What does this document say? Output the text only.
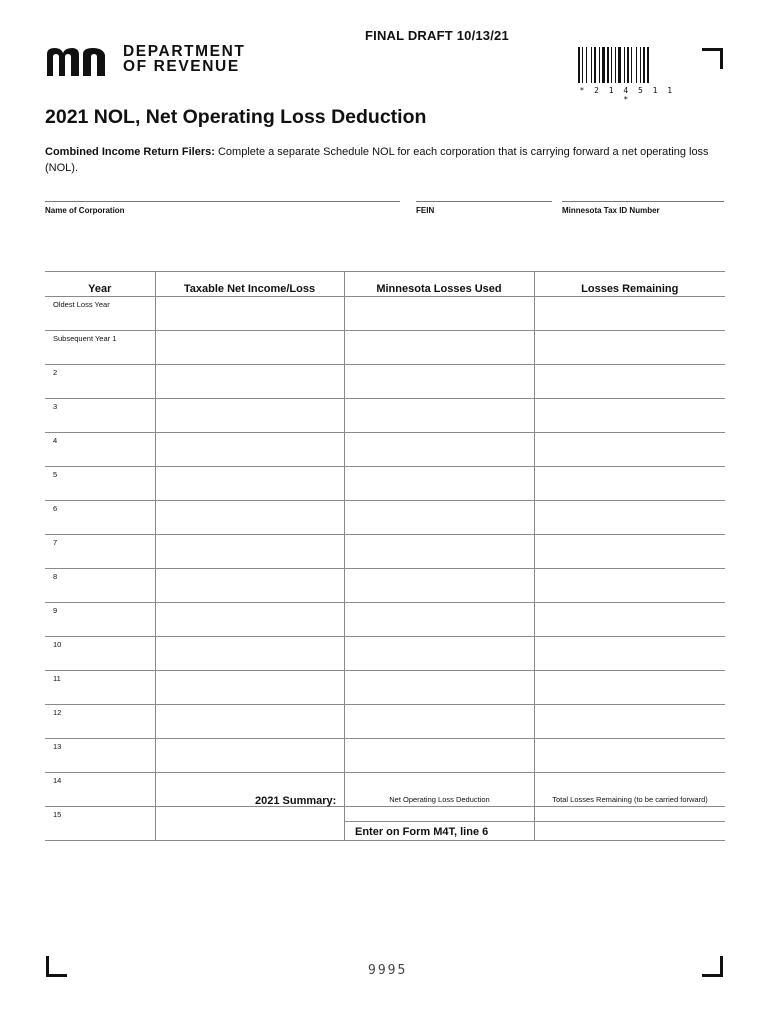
FINAL DRAFT 10/13/21
DEPARTMENT
OF REVENUE
* 2 1 4 5 1 1 *
2021 NOL, Net Operating Loss Deduction
Combined Income Return Filers: Complete a separate Schedule NOL for each corporation that is carrying forward a net operating loss (NOL).
Name of Corporation	FEIN	Minnesota Tax ID Number
Year	Taxable Net Income/Loss	Minnesota Losses Used	Losses Remaining
Oldest Loss Year			
Subsequent Year 1			
2			
3			
4			
5			
6			
7			
8			
9			
10			
11			
12			
13			
14			
15			
2021 Summary:	Net Operating Loss Deduction	Total Losses Remaining (to be carried forward)
Enter on Form M4T, line 6
9995
